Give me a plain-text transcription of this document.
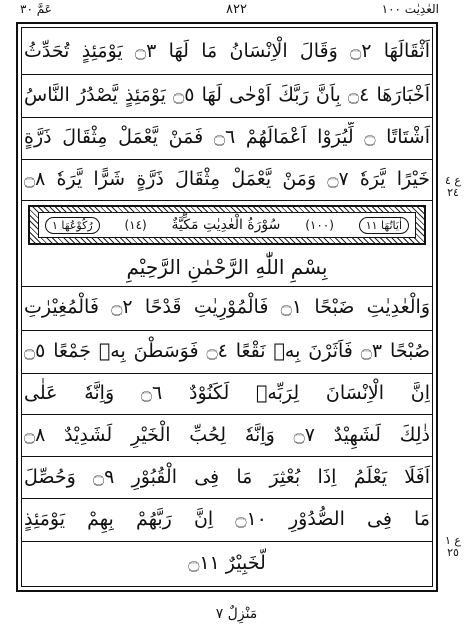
العٰدِيٰت ١٠٠
٨٢٢
عَمَّ ٣٠
اَثْقَالَهَا ۝٢ وَقَالَ الْاِنْسَانُ مَا لَهَا ۝٣ يَوْمَئِذٍ تُحَدِّثُ
اَخْبَارَهَا ۝٤ بِاَنَّ رَبَّكَ اَوْحٰى لَهَا ۝٥ يَوْمَئِذٍ يَّصْدُرُ النَّاسُ
اَشْتَاتًا ۝ لِّيُرَوْا اَعْمَالَهُمْ ۝٦ فَمَنْ يَّعْمَلْ مِثْقَالَ ذَرَّةٍ
خَيْرًا يَّرَهٗ ۝٧ وَمَنْ يَّعْمَلْ مِثْقَالَ ذَرَّةٍ شَرًّا يَّرَهٗ ۝٨
اٰيَاتُهَا ١١
(١٠٠)
سُوْرَةُ الْعٰدِيٰتِ مَكِّيَّةٌ
(١٤)
رُكُوْعُهَا ١
بِسْمِ اللّٰهِ الرَّحْمٰنِ الرَّحِيْمِ
وَالْعٰدِيٰتِ ضَبْحًا ۝١ فَالْمُوْرِيٰتِ قَدْحًا ۝٢ فَالْمُغِيْرٰتِ
صُبْحًا ۝٣ فَاَثَرْنَ بِهٖ نَقْعًا ۝٤ فَوَسَطْنَ بِهٖ جَمْعًا ۝٥
اِنَّ الْاِنْسَانَ لِرَبِّهٖ لَكَنُوْدٌ ۝٦ وَاِنَّهٗ عَلٰى
ذٰلِكَ لَشَهِيْدٌ ۝٧ وَاِنَّهٗ لِحُبِّ الْخَيْرِ لَشَدِيْدٌ ۝٨
اَفَلَا يَعْلَمُ اِذَا بُعْثِرَ مَا فِى الْقُبُوْرِ ۝٩ وَحُصِّلَ
مَا فِى الصُّدُوْرِ ۝١٠ اِنَّ رَبَّهُمْ بِهِمْ يَوْمَئِذٍ
لَّخَبِيْرٌ ۝١١
ع ٤ ٢٤
ع ١ ٢٥
مَنْزِلٌ ٧
